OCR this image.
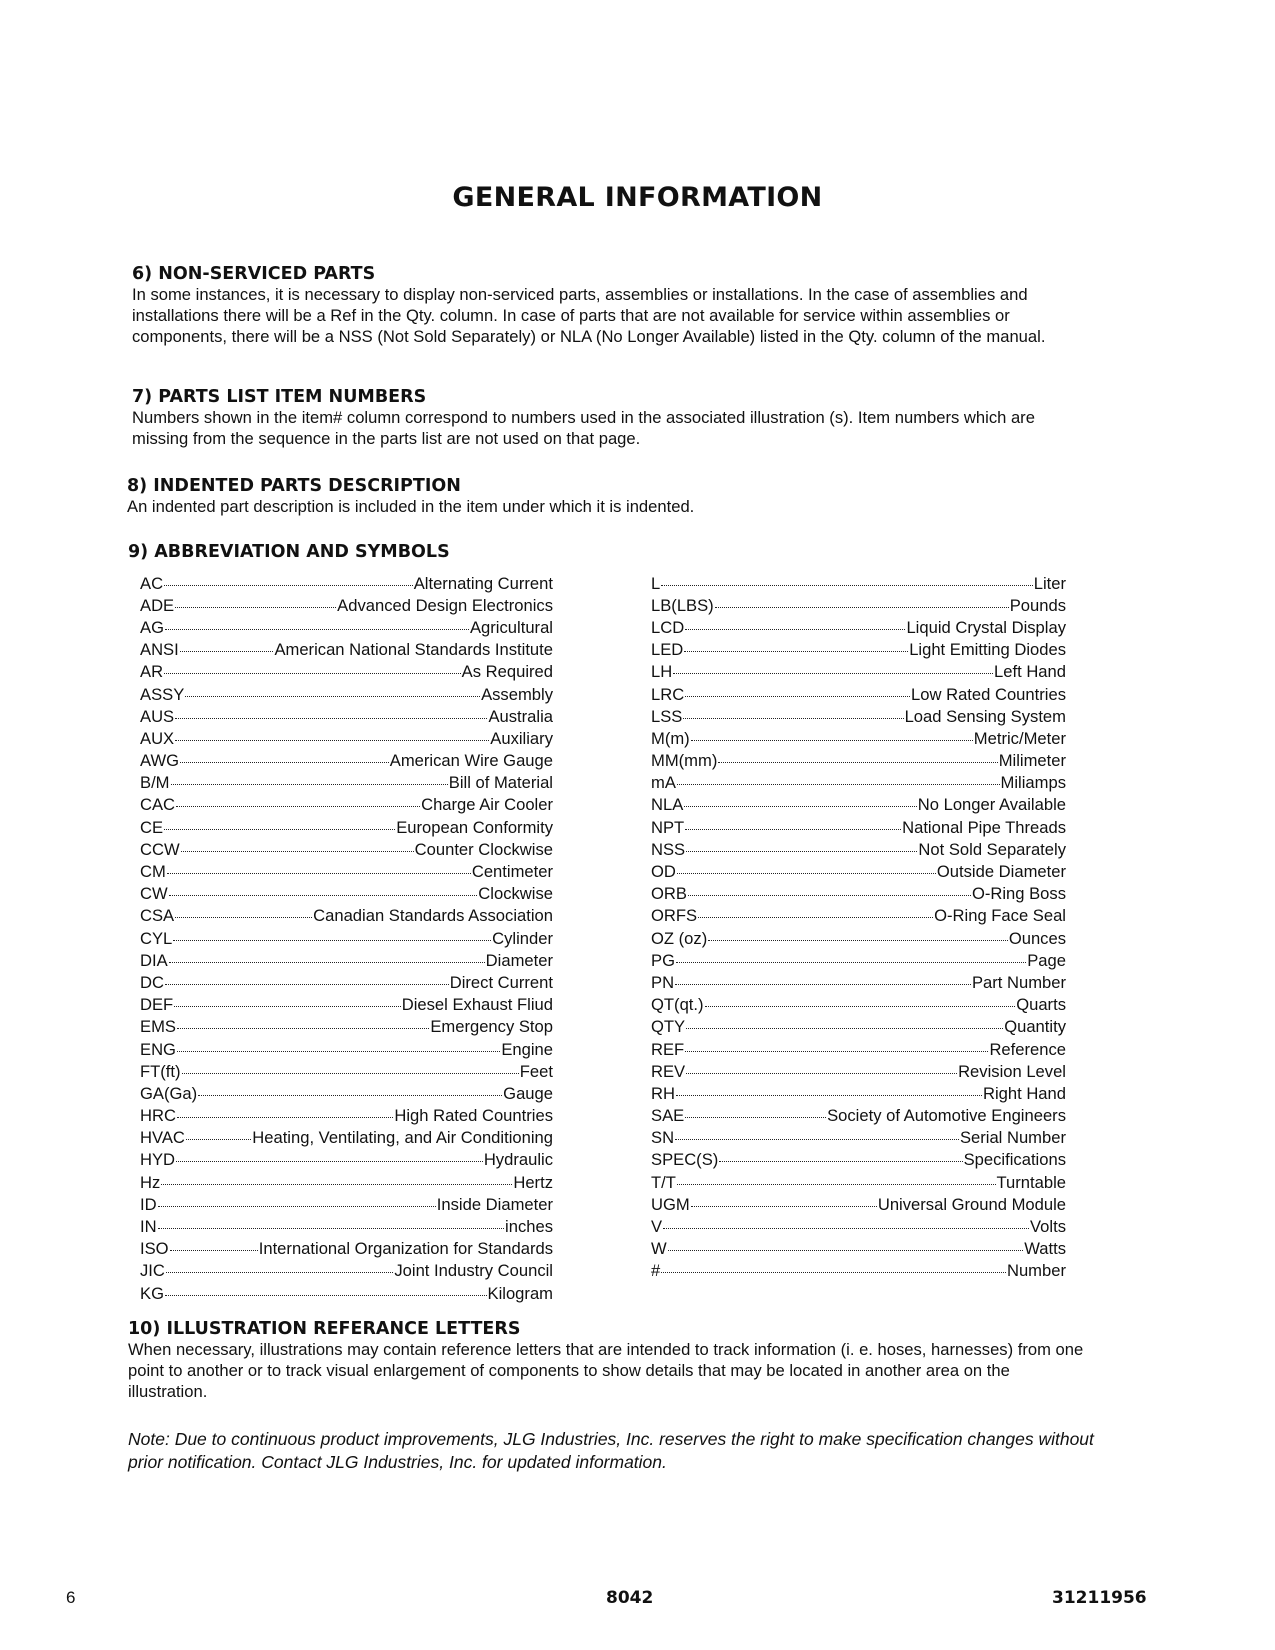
GENERAL INFORMATION
6) NON-SERVICED PARTS

In some instances, it is necessary to display non-serviced parts, assemblies or installations. In the case of assemblies and installations there will be a Ref in the Qty. column. In case of parts that are not available for service within assemblies or components, there will be a NSS (Not Sold Separately) or NLA (No Longer Available) listed in the Qty. column of the manual.

7) PARTS LIST ITEM NUMBERS

Numbers shown in the item# column correspond to numbers used in the associated illustration (s). Item numbers which are missing from the sequence in the parts list are not used on that page.

8) INDENTED PARTS DESCRIPTION

An indented part description is included in the item under which it is indented.

9) ABBREVIATION AND SYMBOLS
AC	Alternating Current
ADE	Advanced Design Electronics
AG	Agricultural
ANSI	American National Standards Institute
AR	As Required
ASSY	Assembly
AUS	Australia
AUX	Auxiliary
AWG	American Wire Gauge
B/M	Bill of Material
CAC	Charge Air Cooler
CE	European Conformity
CCW	Counter Clockwise
CM	Centimeter
CW	Clockwise
CSA	Canadian Standards Association
CYL	Cylinder
DIA	Diameter
DC	Direct Current
DEF	Diesel Exhaust Fliud
EMS	Emergency Stop
ENG	Engine
FT(ft)	Feet
GA(Ga)	Gauge
HRC	High Rated Countries
HVAC	Heating, Ventilating, and Air Conditioning
HYD	Hydraulic
Hz	Hertz
ID	Inside Diameter
IN	inches
ISO	International Organization for Standards
JIC	Joint Industry Council
KG	Kilogram
L	Liter
LB(LBS)	Pounds
LCD	Liquid Crystal Display
LED	Light Emitting Diodes
LH	Left Hand
LRC	Low Rated Countries
LSS	Load Sensing System
M(m)	Metric/Meter
MM(mm)	Milimeter
mA	Miliamps
NLA	No Longer Available
NPT	National Pipe Threads
NSS	Not Sold Separately
OD	Outside Diameter
ORB	O-Ring Boss
ORFS	O-Ring Face Seal
OZ (oz)	Ounces
PG	Page
PN	Part Number
QT(qt.)	Quarts
QTY	Quantity
REF	Reference
REV	Revision Level
RH	Right Hand
SAE	Society of Automotive Engineers
SN	Serial Number
SPEC(S)	Specifications
T/T	Turntable
UGM	Universal Ground Module
V	Volts
W	Watts
#	Number
10) ILLUSTRATION REFERANCE LETTERS

When necessary, illustrations may contain reference letters that are intended to track information (i. e. hoses, harnesses) from one point to another or to track visual enlargement of components to show details that may be located in another area on the illustration.

Note: Due to continuous product improvements, JLG Industries, Inc. reserves the right to make specification changes without prior notification. Contact JLG Industries, Inc. for updated information.
6	8042	31211956
